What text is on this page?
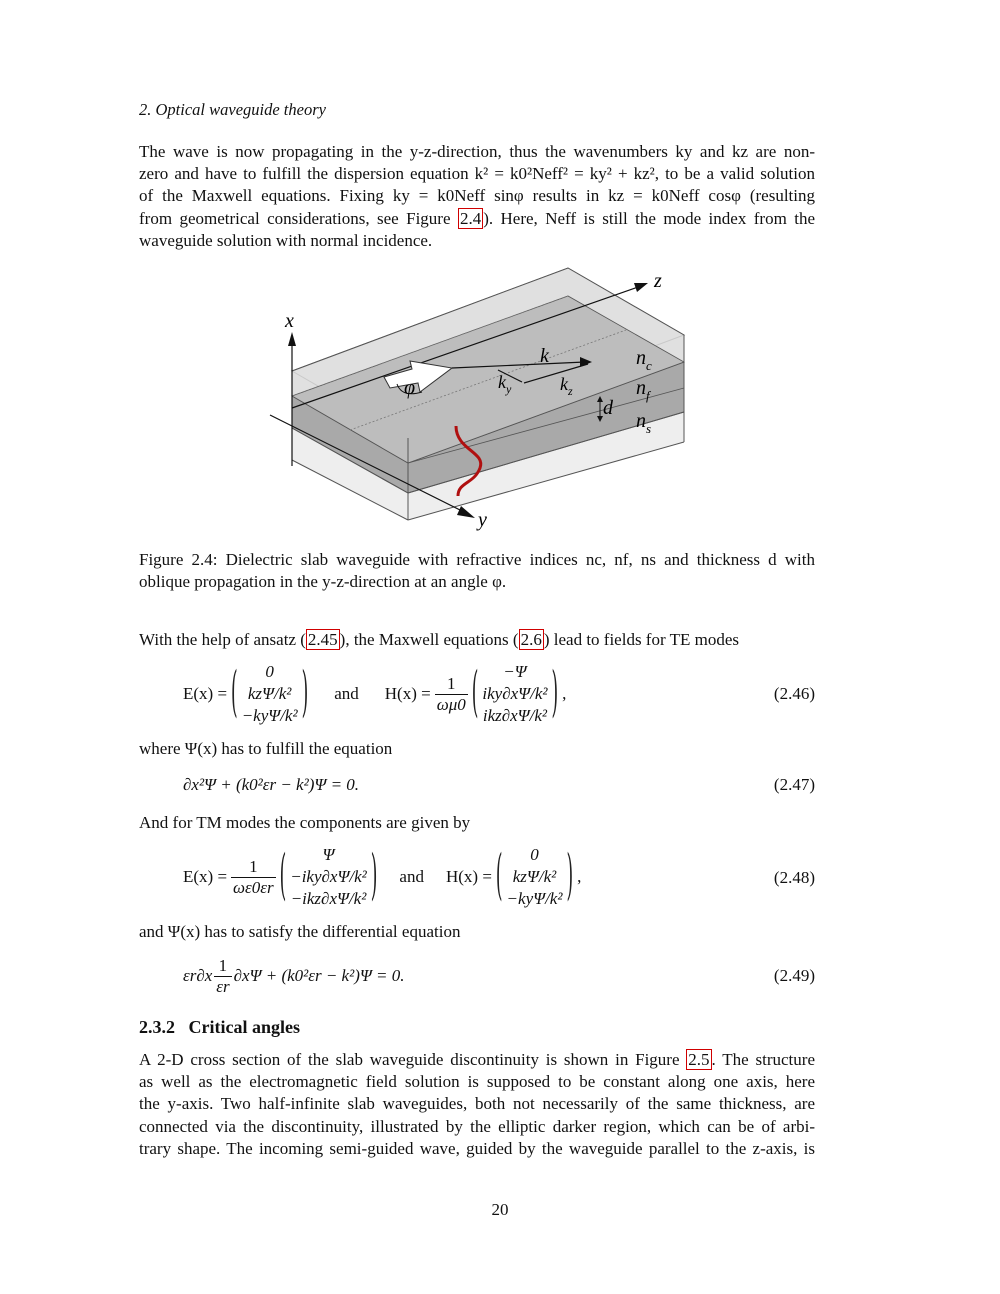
2. Optical waveguide theory
The wave is now propagating in the y-z-direction, thus the wavenumbers ky and kz are non-
zero and have to fulfill the dispersion equation k² = k0²Neff² = ky² + kz², to be a valid solution
of the Maxwell equations. Fixing ky = k0Neff sinφ results in kz = k0Neff cosφ (resulting
from geometrical considerations, see Figure 2.4 ). Here, Neff is still the mode index from the
waveguide solution with normal incidence.
x
y
z
k
$k_y$	$k_z$
φ
d
$n_c$
$n_f$
$n_s$
Figure 2.4: Dielectric slab waveguide with refractive indices nc, nf, ns and thickness d with
oblique propagation in the y-z-direction at an angle φ.
With the help of ansatz ( 2.45 ), the Maxwell equations ( 2.6 ) lead to fields for TE modes
E(x) = (	0
kzΨ/k²
−kyΨ/k² ) and $H(x) = \frac{1}{\omega\mu 0}$ (	−Ψ
iky∂xΨ/k²
ikz∂xΨ/k² ) ,	(2.46)
where Ψ(x) has to fulfill the equation
∂x²Ψ + (k0²εr − k²)Ψ = 0.	(2.47)
And for TM modes the components are given by
$E(x) = \frac{1}{\omega\varepsilon 0\varepsilon r}$ (	Ψ
−iky∂xΨ/k²
−ikz∂xΨ/k² ) and H(x) = (	0
kzΨ/k²
−kyΨ/k² ) ,	(2.48)
and Ψ(x) has to satisfy the differential equation
$\varepsilon r\partial x \frac{1}{\varepsilon r} \partial x\Psi + (k0^2\varepsilon r - k^2)\Psi = 0$.	(2.49)
2.3.2 Critical angles
A 2-D cross section of the slab waveguide discontinuity is shown in Figure 2.5 . The structure
as well as the electromagnetic field solution is supposed to be constant along one axis, here
the y-axis. Two half-infinite slab waveguides, both not necessarily of the same thickness, are
connected via the discontinuity, illustrated by the elliptic darker region, which can be of arbi-
trary shape. The incoming semi-guided wave, guided by the waveguide parallel to the z-axis, is
20
